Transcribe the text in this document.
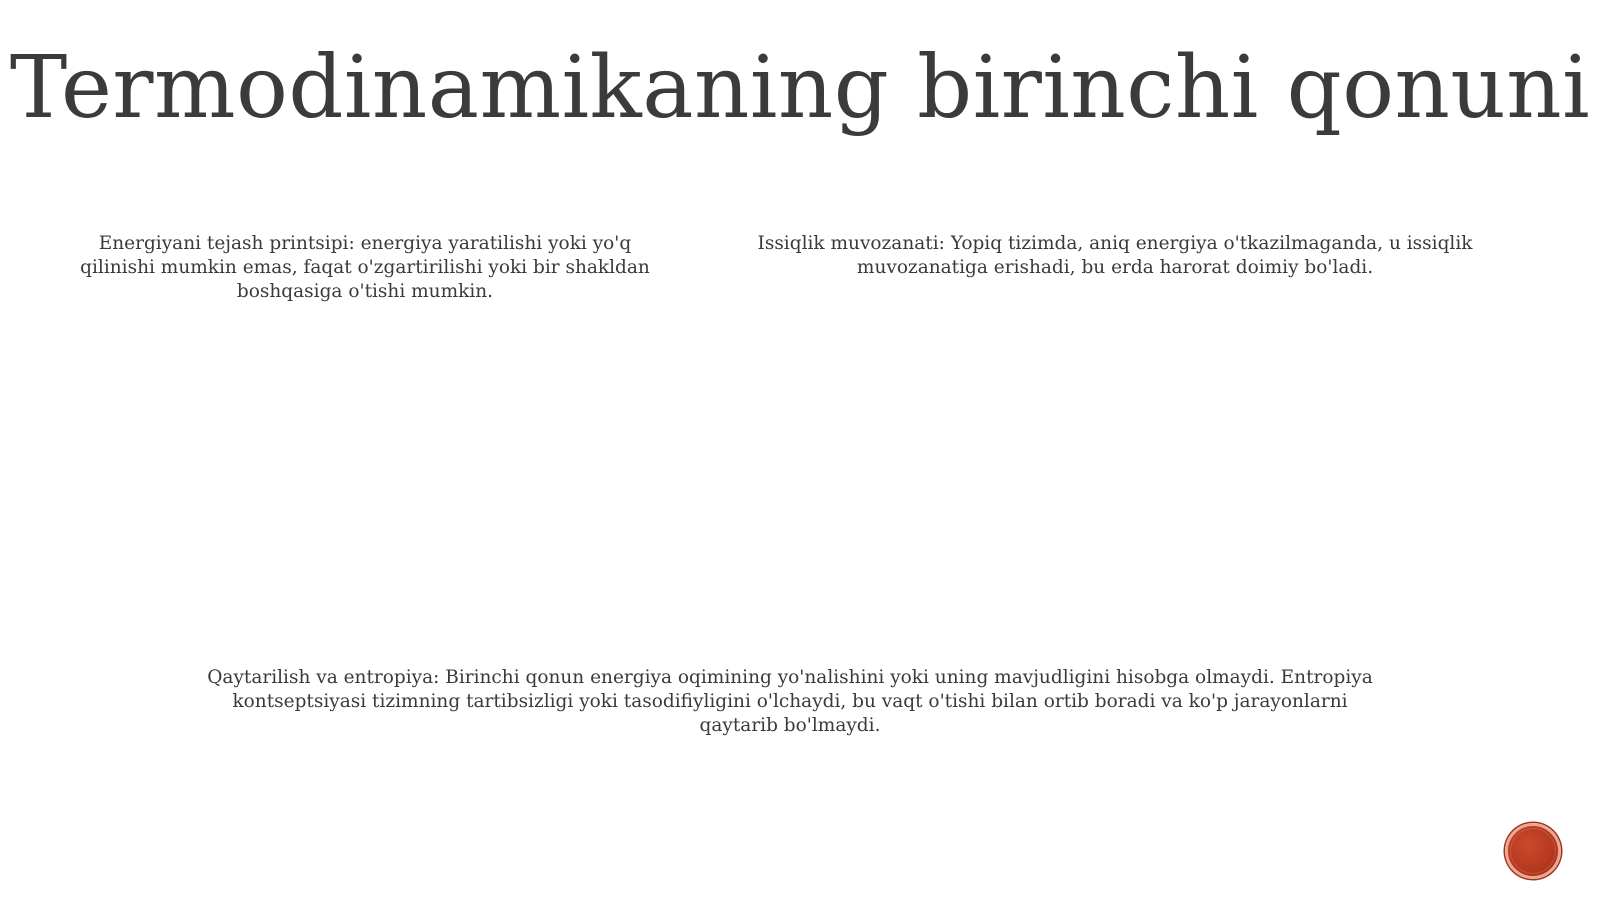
Termodinamikaning birinchi qonuni
Energiyani tejash printsipi: energiya yaratilishi yoki yo'q qilinishi mumkin emas, faqat o'zgartirilishi yoki bir shakldan boshqasiga o'tishi mumkin.
Issiqlik muvozanati: Yopiq tizimda, aniq energiya o'tkazilmaganda, u issiqlik muvozanatiga erishadi, bu erda harorat doimiy bo'ladi.
Qaytarilish va entropiya: Birinchi qonun energiya oqimining yo'nalishini yoki uning mavjudligini hisobga olmaydi. Entropiya kontseptsiyasi tizimning tartibsizligi yoki tasodifiyligini o'lchaydi, bu vaqt o'tishi bilan ortib boradi va ko'p jarayonlarni qaytarib bo'lmaydi.
